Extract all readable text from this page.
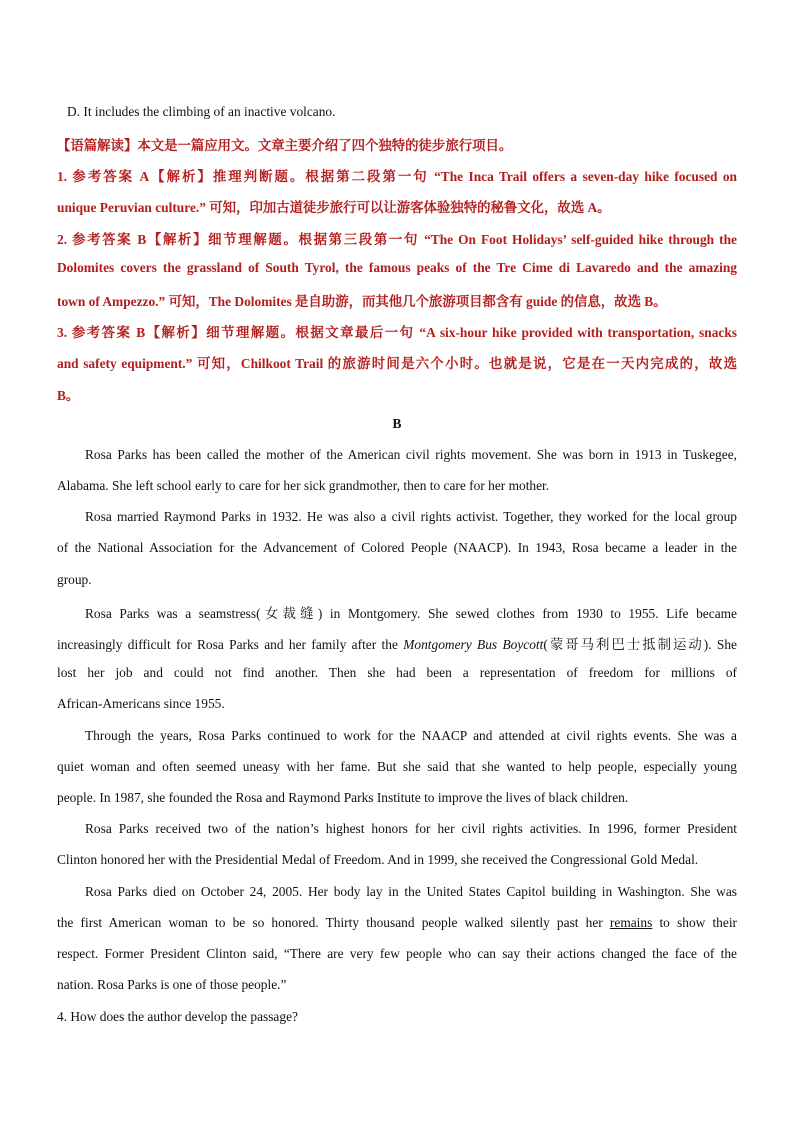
D. It includes the climbing of an inactive volcano.
【语篇解读】本文是一篇应用文。文章主要介绍了四个独特的徒步旅行项目。
1. 参考答案 A【解析】推理判断题。根据第二段第一句 “The Inca Trail offers a seven-day hike focused on
unique Peruvian culture.” 可知，印加古道徒步旅行可以让游客体验独特的秘鲁文化，故选 A。
2. 参考答案 B【解析】细节理解题。根据第三段第一句 “The On Foot Holidays’ self-guided hike through the
Dolomites covers the grassland of South Tyrol, the famous peaks of the Tre Cime di Lavaredo and the amazing
town of Ampezzo.” 可知，The Dolomites 是自助游，而其他几个旅游项目都含有 guide 的信息，故选 B。
3. 参考答案 B【解析】细节理解题。根据文章最后一句 “A six-hour hike provided with transportation, snacks
and safety equipment.” 可知，Chilkoot Trail 的旅游时间是六个小时。也就是说，它是在一天内完成的，故选
B。
B
Rosa Parks has been called the mother of the American civil rights movement. She was born in 1913 in Tuskegee,
Alabama. She left school early to care for her sick grandmother, then to care for her mother.
Rosa married Raymond Parks in 1932. He was also a civil rights activist. Together, they worked for the local group
of the National Association for the Advancement of Colored People (NAACP). In 1943, Rosa became a leader in the
group.
Rosa Parks was a seamstress(女裁缝) in Montgomery. She sewed clothes from 1930 to 1955. Life became
increasingly difficult for Rosa Parks and her family after the Montgomery Bus Boycott(蒙哥马利巴士抵制运动). She
lost her job and could not find another. Then she had been a representation of freedom for millions of
African-Americans since 1955.
Through the years, Rosa Parks continued to work for the NAACP and attended at civil rights events. She was a
quiet woman and often seemed uneasy with her fame. But she said that she wanted to help people, especially young
people. In 1987, she founded the Rosa and Raymond Parks Institute to improve the lives of black children.
Rosa Parks received two of the nation’s highest honors for her civil rights activities. In 1996, former President
Clinton honored her with the Presidential Medal of Freedom. And in 1999, she received the Congressional Gold Medal.
Rosa Parks died on October 24, 2005. Her body lay in the United States Capitol building in Washington. She was
the first American woman to be so honored. Thirty thousand people walked silently past her remains to show their
respect. Former President Clinton said, “There are very few people who can say their actions changed the face of the
nation. Rosa Parks is one of those people.”
4. How does the author develop the passage?
